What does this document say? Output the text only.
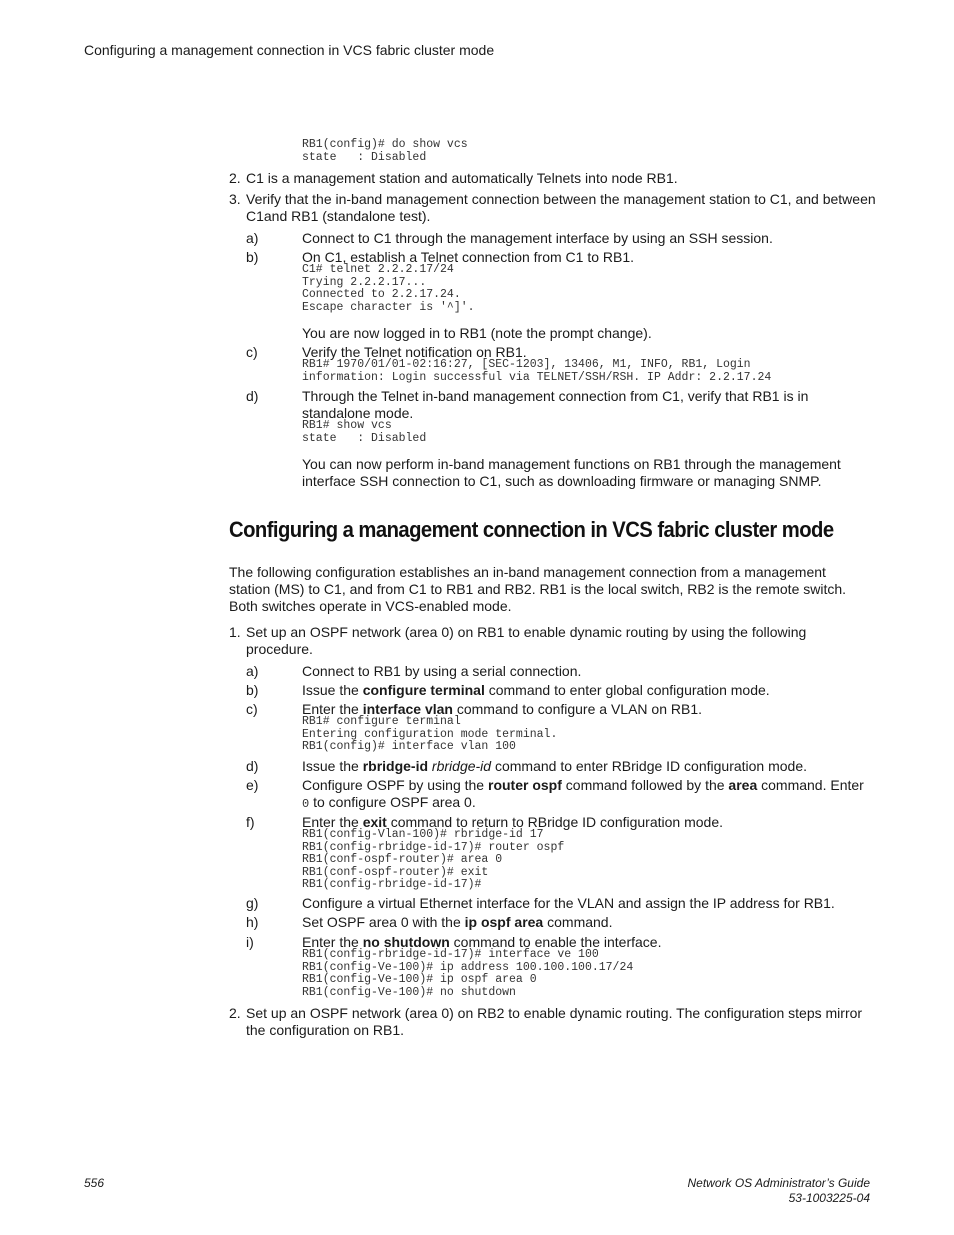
Configuring a management connection in VCS fabric cluster mode
RB1(config)# do show vcs
state   : Disabled
2. C1 is a management station and automatically Telnets into node RB1.
3. Verify that the in-band management connection between the management station to C1, and between C1and RB1 (standalone test).
a)	Connect to C1 through the management interface by using an SSH session.
b)	On C1, establish a Telnet connection from C1 to RB1.
C1# telnet 2.2.2.17/24
Trying 2.2.2.17...
Connected to 2.2.17.24.
Escape character is '^]'.
You are now logged in to RB1 (note the prompt change).
c)	Verify the Telnet notification on RB1.
RB1# 1970/01/01-02:16:27, [SEC-1203], 13406, M1, INFO, RB1, Login
information: Login successful via TELNET/SSH/RSH. IP Addr: 2.2.17.24
d)	Through the Telnet in-band management connection from C1, verify that RB1 is in standalone mode.
RB1# show vcs
state   : Disabled
You can now perform in-band management functions on RB1 through the management interface SSH connection to C1, such as downloading firmware or managing SNMP.
Configuring a management connection in VCS fabric cluster mode
The following configuration establishes an in-band management connection from a management station (MS) to C1, and from C1 to RB1 and RB2. RB1 is the local switch, RB2 is the remote switch. Both switches operate in VCS-enabled mode.
1. Set up an OSPF network (area 0) on RB1 to enable dynamic routing by using the following procedure.
a)	Connect to RB1 by using a serial connection.
b)	Issue the configure terminal command to enter global configuration mode.
c)	Enter the interface vlan command to configure a VLAN on RB1.
RB1# configure terminal
Entering configuration mode terminal.
RB1(config)# interface vlan 100
d)	Issue the rbridge-id rbridge-id command to enter RBridge ID configuration mode.
e)	Configure OSPF by using the router ospf command followed by the area command. Enter
0 to configure OSPF area 0.
f)	Enter the exit command to return to RBridge ID configuration mode.
RB1(config-Vlan-100)# rbridge-id 17
RB1(config-rbridge-id-17)# router ospf
RB1(conf-ospf-router)# area 0
RB1(conf-ospf-router)# exit
RB1(config-rbridge-id-17)#
g)	Configure a virtual Ethernet interface for the VLAN and assign the IP address for RB1.
h)	Set OSPF area 0 with the ip ospf area command.
i)	Enter the no shutdown command to enable the interface.
RB1(config-rbridge-id-17)# interface ve 100
RB1(config-Ve-100)# ip address 100.100.100.17/24
RB1(config-Ve-100)# ip ospf area 0
RB1(config-Ve-100)# no shutdown
2. Set up an OSPF network (area 0) on RB2 to enable dynamic routing. The configuration steps mirror the configuration on RB1.
556	Network OS Administrator’s Guide
53-1003225-04
